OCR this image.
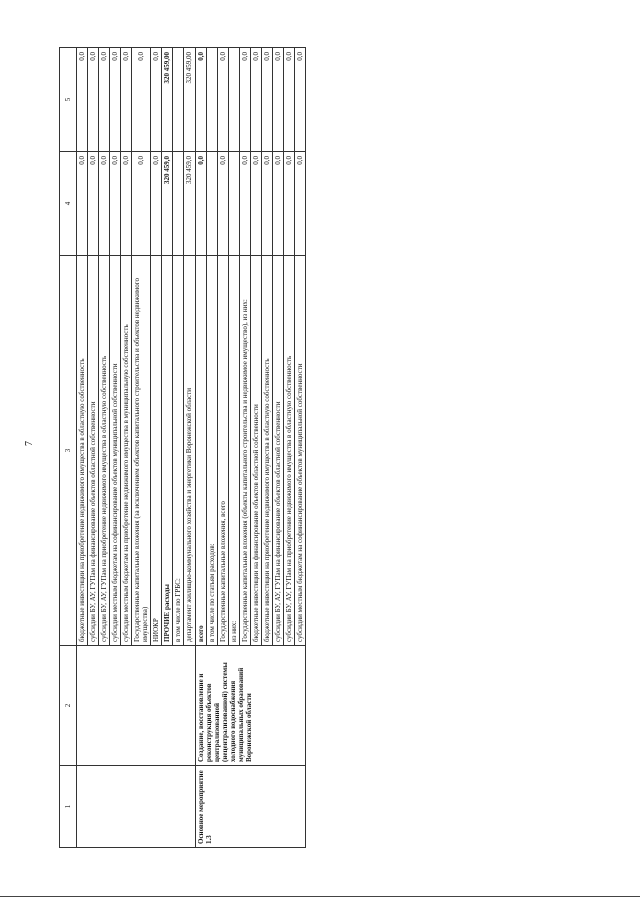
7
1	2	3	4	5
		бюджетные инвестиции на приобретение недвижимого имущества в областную собственность	0,0	0,0
		субсидии БУ, АУ, ГУПам на финансирование объектов областной собственности	0,0	0,0
		субсидии БУ, АУ, ГУПам на приобретение недвижимого имущества в областную собственность	0,0	0,0
		субсидии местным бюджетам на софинансирование объектов муниципальной собственности	0,0	0,0
		субсидии местным бюджетам на приобретение недвижимого имущества в муниципальную собственность	0,0	0,0
		Государственные капитальные вложения (за исключением объектов капитального строительства и объектов недвижимого имущества)	0,0	0,0
		НИОКР	0,0	0,0
		ПРОЧИЕ расходы	320 459,0	320 459,00
		в том числе по ГРБС:		
		департамент жилищно-коммунального хозяйства и энергетики Воронежской области	320 459,0	320 459,00
Основное мероприятие 1.3	Создание, восстановление и реконструкция объектов централизованной (нецентрализованной) системы холодного водоснабжения муниципальных образований Воронежской области	всего	0,0	0,0
		в том числе по статьям расходов:		
		Государственные капитальные вложения, всего	0,0	0,0
		из них:		
		Государственные капитальные вложения (объекты капитального строительства и недвижимое имущество), из них:	0,0	0,0
		бюджетные инвестиции на финансирование объектов областной собственности	0,0	0,0
		бюджетные инвестиции на приобретение недвижимого имущества в областную собственность	0,0	0,0
		субсидии БУ, АУ, ГУПам на финансирование объектов областной собственности	0,0	0,0
		субсидии БУ, АУ, ГУПам на приобретение недвижимого имущества в областную собственность	0,0	0,0
		субсидии местным бюджетам на софинансирование объектов муниципальной собственности	0,0	0,0
